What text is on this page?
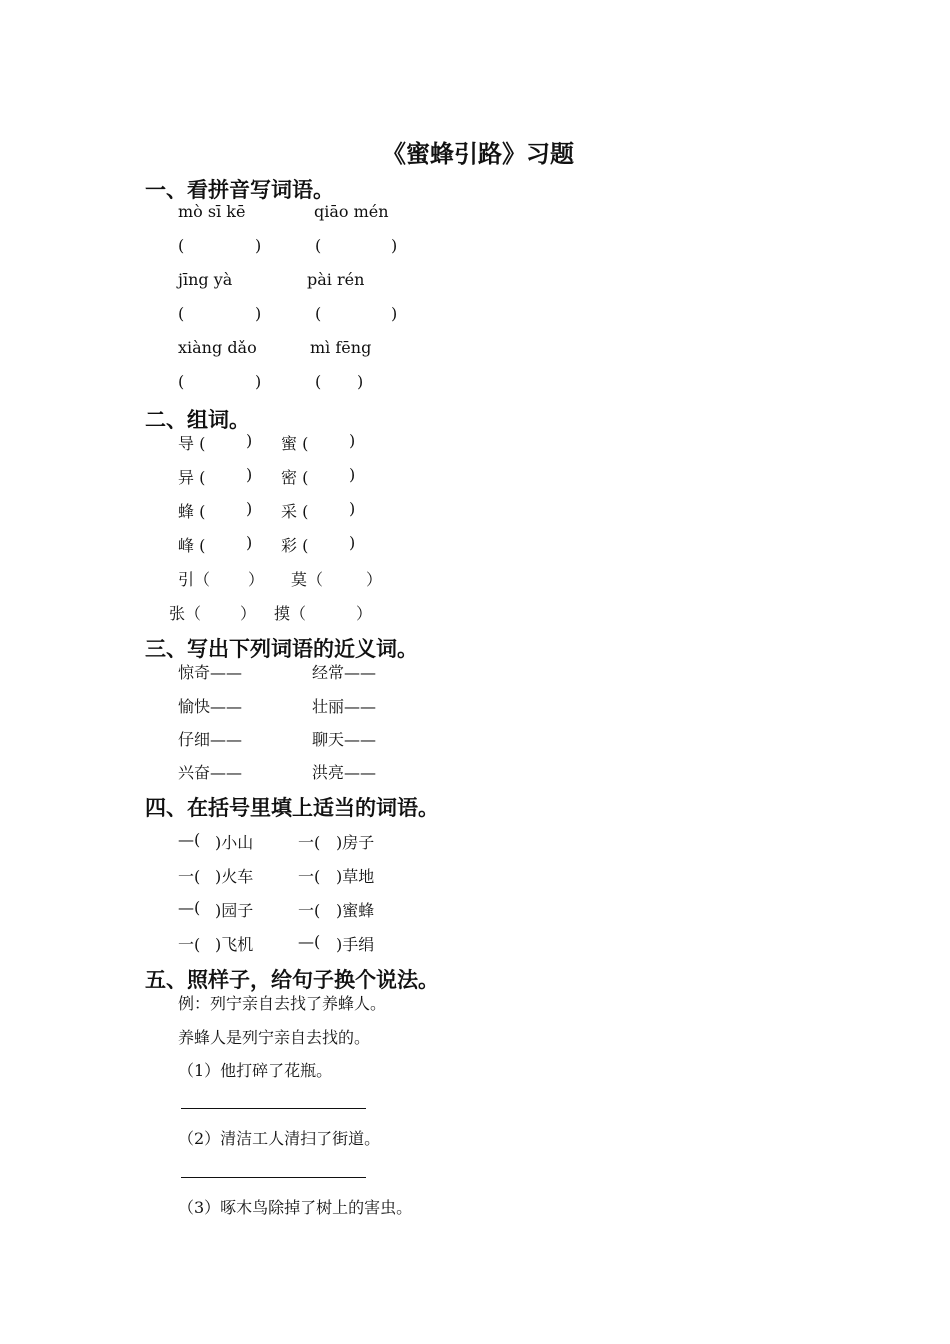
《蜜蜂引路》习题
一、看拼音写词语。
mò sī kē	qiāo mén
(	)	(	)
jīng yà	pài rén
(	)	(	)
xiàng dǎo	mì fēng
(	)	( )
二、组词。
导 (	) 蜜 (	)
异 (	) 密 (	)
蜂 (	) 采 (	)
峰 (	) 彩 (	)
引（ ） 莫（	）
张（ ） 摸（	）
三、写出下列词语的近义词。
惊奇——	经常——
愉快——	壮丽——
仔细——	聊天——
兴奋——	洪亮——
四、在括号里填上适当的词语。
—( )小山	一( )房子
一( )火车	一( )草地
—( )园子	一( )蜜蜂
一( )飞机	—( )手绢
五、照样子，给句子换个说法。
例：列宁亲自去找了养蜂人。
养蜂人是列宁亲自去找的。
（1）他打碎了花瓶。
（2）清洁工人清扫了街道。
（3）啄木鸟除掉了树上的害虫。
